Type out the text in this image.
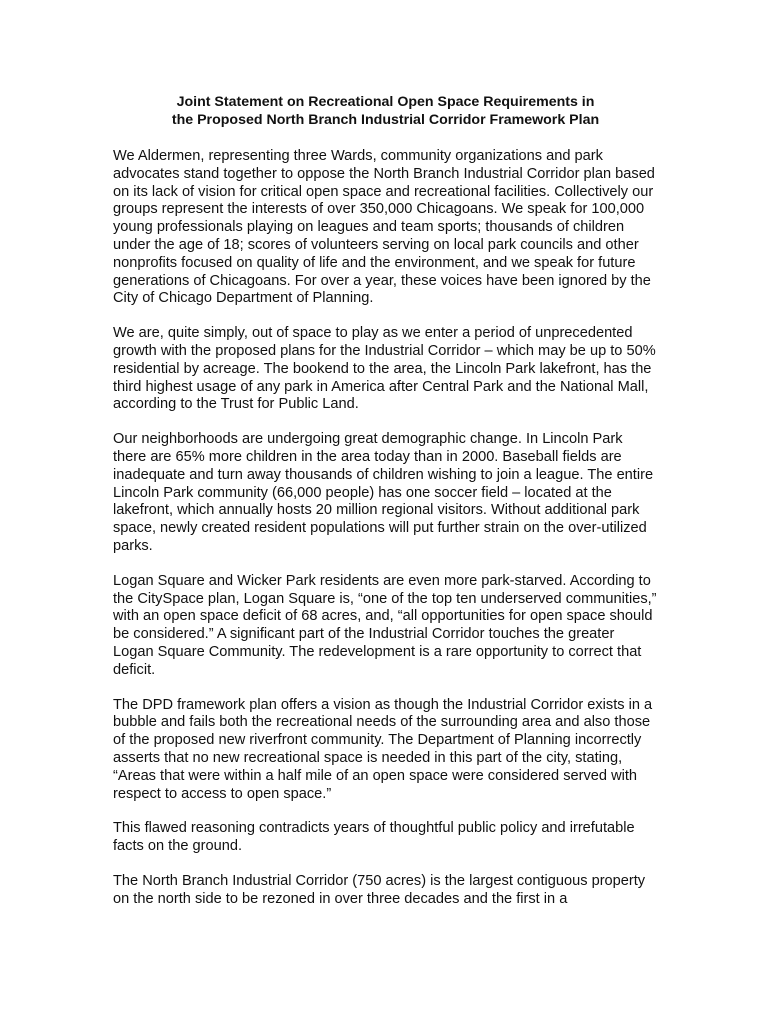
Joint Statement on Recreational Open Space Requirements in
the Proposed North Branch Industrial Corridor Framework Plan

We Aldermen, representing three Wards, community organizations and park advocates stand together to oppose the North Branch Industrial Corridor plan based on its lack of vision for critical open space and recreational facilities. Collectively our groups represent the interests of over 350,000 Chicagoans. We speak for 100,000 young professionals playing on leagues and team sports; thousands of children under the age of 18; scores of volunteers serving on local park councils and other nonprofits focused on quality of life and the environment, and we speak for future generations of Chicagoans. For over a year, these voices have been ignored by the City of Chicago Department of Planning.

We are, quite simply, out of space to play as we enter a period of unprecedented growth with the proposed plans for the Industrial Corridor – which may be up to 50% residential by acreage. The bookend to the area, the Lincoln Park lakefront, has the third highest usage of any park in America after Central Park and the National Mall, according to the Trust for Public Land.

Our neighborhoods are undergoing great demographic change. In Lincoln Park there are 65% more children in the area today than in 2000. Baseball fields are inadequate and turn away thousands of children wishing to join a league. The entire Lincoln Park community (66,000 people) has one soccer field – located at the lakefront, which annually hosts 20 million regional visitors. Without additional park space, newly created resident populations will put further strain on the over-utilized parks.

Logan Square and Wicker Park residents are even more park-starved. According to the CitySpace plan, Logan Square is, “one of the top ten underserved communities,” with an open space deficit of 68 acres, and, “all opportunities for open space should be considered.” A significant part of the Industrial Corridor touches the greater Logan Square Community. The redevelopment is a rare opportunity to correct that deficit.

The DPD framework plan offers a vision as though the Industrial Corridor exists in a bubble and fails both the recreational needs of the surrounding area and also those of the proposed new riverfront community. The Department of Planning incorrectly asserts that no new recreational space is needed in this part of the city, stating, “Areas that were within a half mile of an open space were considered served with respect to access to open space.”

This flawed reasoning contradicts years of thoughtful public policy and irrefutable facts on the ground.

The North Branch Industrial Corridor (750 acres) is the largest contiguous property on the north side to be rezoned in over three decades and the first in a
